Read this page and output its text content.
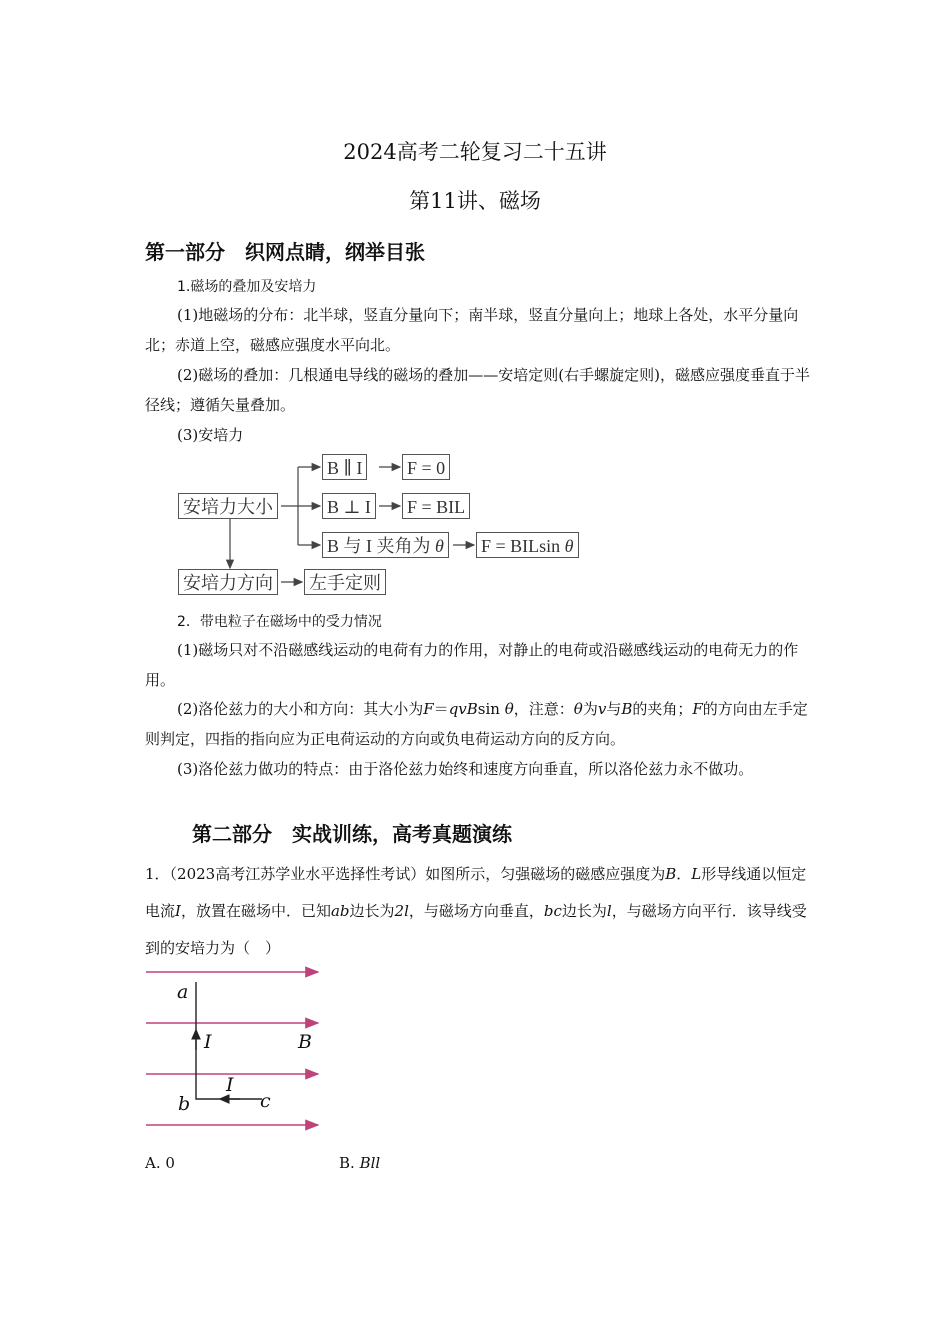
2024高考二轮复习二十五讲
第11讲、磁场
第一部分　织网点睛，纲举目张
1.磁场的叠加及安培力
(1)地磁场的分布：北半球，竖直分量向下；南半球，竖直分量向上；地球上各处，水平分量向北；赤道上空，磁感应强度水平向北。
(2)磁场的叠加：几根通电导线的磁场的叠加——安培定则(右手螺旋定则)，磁感应强度垂直于半径线；遵循矢量叠加。
(3)安培力
安培力大小
B ∥ I F = 0
B ⊥ I F = BIL
B 与 I 夹角为 θ F = BILsin θ
安培力方向 左手定则
2．带电粒子在磁场中的受力情况
(1)磁场只对不沿磁感线运动的电荷有力的作用，对静止的电荷或沿磁感线运动的电荷无力的作用。
(2)洛伦兹力的大小和方向：其大小为F＝qvBsin θ，注意：θ为v与B的夹角；F的方向由左手定则判定，四指的指向应为正电荷运动的方向或负电荷运动方向的反方向。
(3)洛伦兹力做功的特点：由于洛伦兹力始终和速度方向垂直，所以洛伦兹力永不做功。
第二部分　实战训练，高考真题演练
1．（2023高考江苏学业水平选择性考试）如图所示，匀强磁场的磁感应强度为B．L形导线通以恒定电流I，放置在磁场中．已知ab边长为2l，与磁场方向垂直，bc边长为l，与磁场方向平行．该导线受到的安培力为（　）
a
I	B
I
b	c
A. 0	B. Bll
